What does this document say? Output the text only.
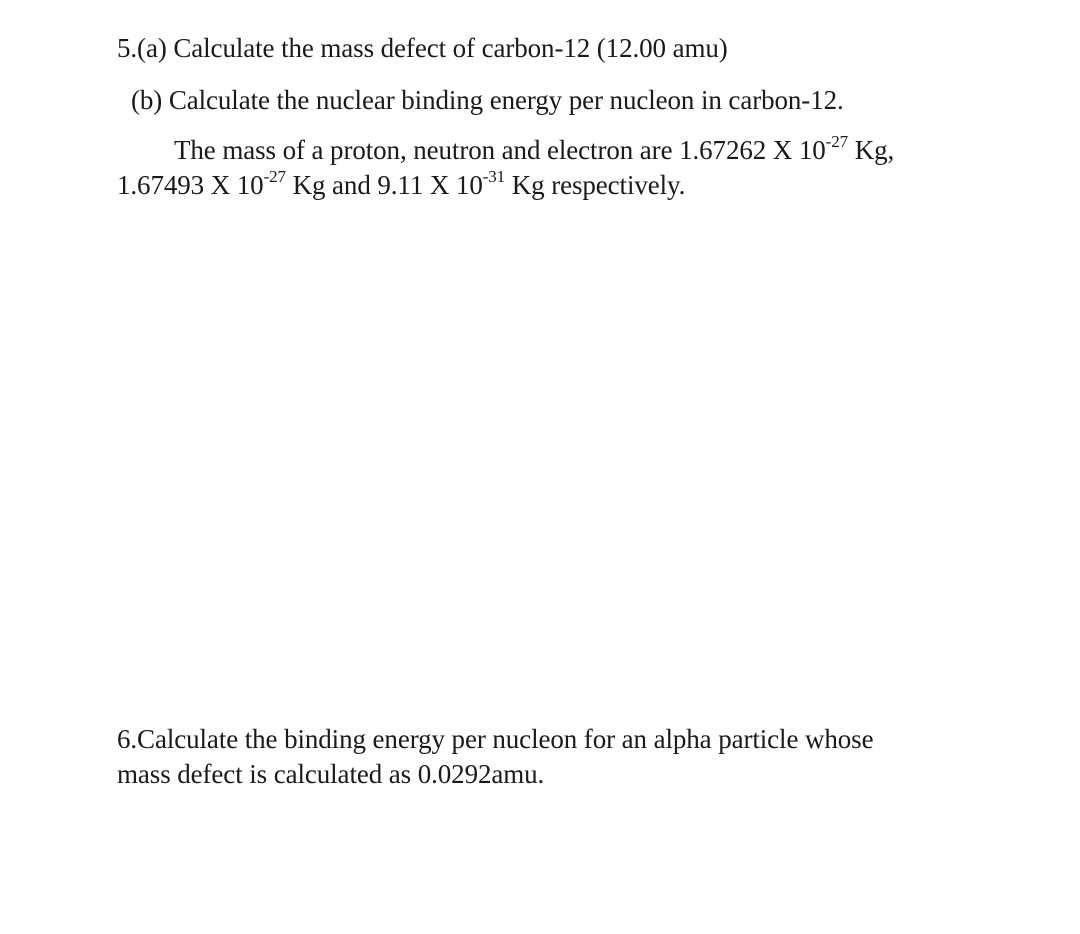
5.(a) Calculate the mass defect of carbon-12 (12.00 amu)
(b) Calculate the nuclear binding energy per nucleon in carbon-12.
The mass of a proton, neutron and electron are 1.67262 X $10^{-27}$ Kg,
1.67493 X $10^{-27}$ Kg and 9.11 X $10^{-31}$ Kg respectively.
6.Calculate the binding energy per nucleon for an alpha particle whose
mass defect is calculated as 0.0292amu.
